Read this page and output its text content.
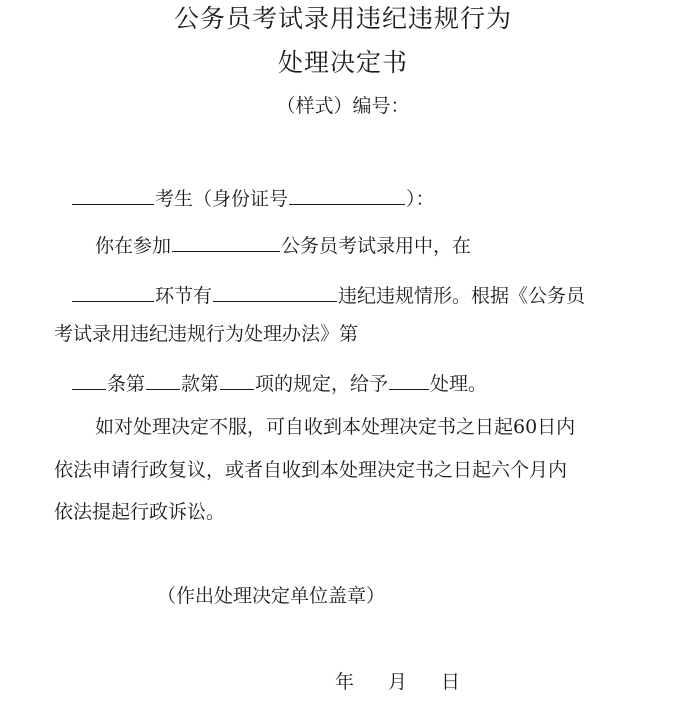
公务员考试录用违纪违规行为
处理决定书
（样式）编号：
考生（身份证号	）：
你在参加	公务员考试录用中，在
环节有	违纪违规情形。根据《公务员
考试录用违纪违规行为处理办法》第
条第 款第 项的规定，给予 处理。
如对处理决定不服，可自收到本处理决定书之日起60日内
依法申请行政复议，或者自收到本处理决定书之日起六个月内
依法提起行政诉讼。
（作出处理决定单位盖章）
年 月 日
